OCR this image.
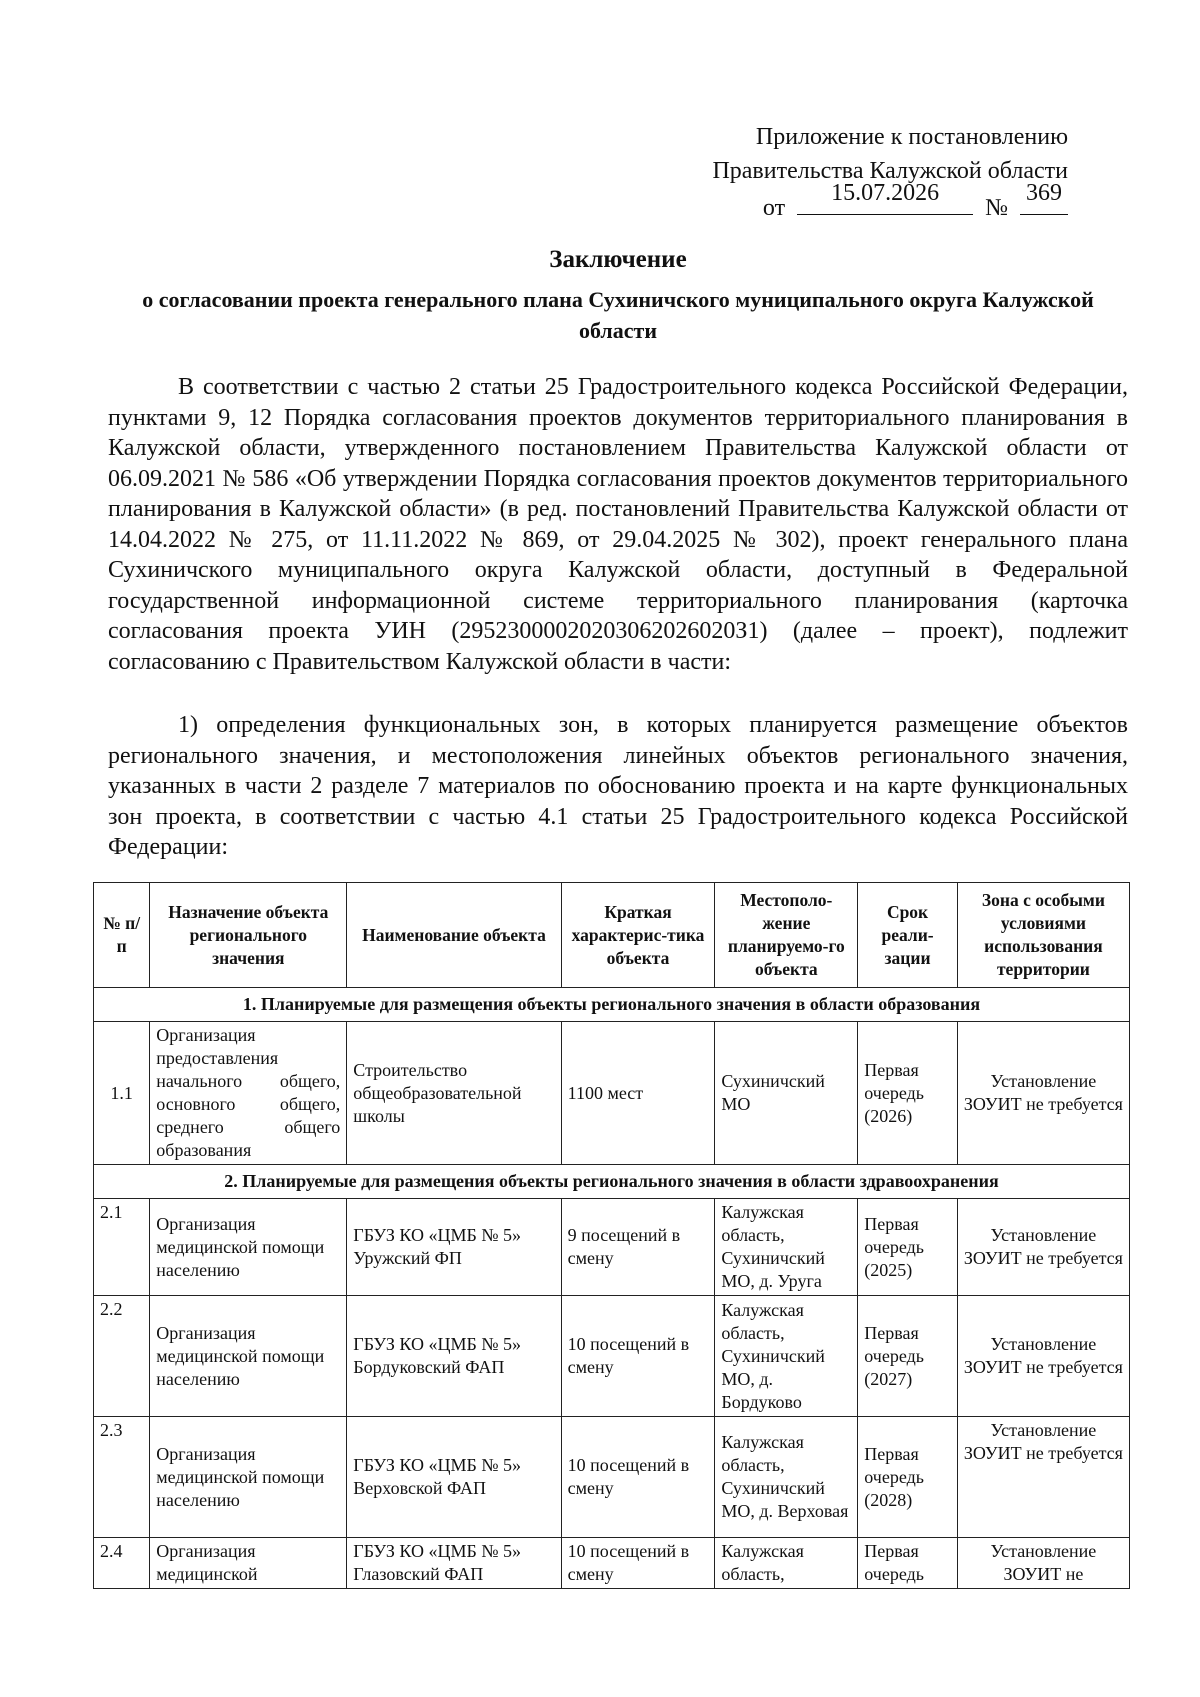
Приложение к постановлению
Правительства Калужской области
от
15.07.2026
№
369
Заключение
о согласовании проекта генерального плана Сухиничского муниципального округа Калужской области
В соответствии с частью 2 статьи 25 Градостроительного кодекса Российской Федерации, пунктами 9, 12 Порядка согласования проектов документов территориального планирования в Калужской области, утвержденного постановлением Правительства Калужской области от 06.09.2021 № 586 «Об утверждении Порядка согласования проектов документов территориального планирования в Калужской области» (в ред. постановлений Правительства Калужской области от 14.04.2022 № 275, от 11.11.2022 № 869, от 29.04.2025 № 302), проект генерального плана Сухиничского муниципального округа Калужской области, доступный в Федеральной государственной информационной системе территориального планирования (карточка согласования проекта УИН (29523000020203062026020З1) (далее – проект), подлежит согласованию с Правительством Калужской области в части:
1) определения функциональных зон, в которых планируется размещение объектов регионального значения, и местоположения линейных объектов регионального значения, указанных в части 2 разделе 7 материалов по обоснованию проекта и на карте функциональных зон проекта, в соответствии с частью 4.1 статьи 25 Градостроительного кодекса Российской Федерации:
№ п/п	Назначение объекта регионального значения	Наименование объекта	Краткая характерис-тика объекта	Местополо-жение планируемо-го объекта	Срок реали-зации	Зона с особыми условиями использования территории
1. Планируемые для размещения объекты регионального значения в области образования						
1.1	Организация предоставления начального общего, основного общего, среднего общего образования	Строительство общеобразовательной школы	1100 мест	Сухиничский МО	Первая очередь (2026)	Установление ЗОУИТ не требуется
2. Планируемые для размещения объекты регионального значения в области здравоохранения						
2.1	Организация медицинской помощи населению	ГБУЗ КО «ЦМБ № 5» Уружский ФП	9 посещений в смену	Калужская область, Сухиничский МО, д. Уруга	Первая очередь (2025)	Установление ЗОУИТ не требуется
2.2	Организация медицинской помощи населению	ГБУЗ КО «ЦМБ № 5» Бордуковский ФАП	10 посещений в смену	Калужская область, Сухиничский МО, д. Бордуково	Первая очередь (2027)	Установление ЗОУИТ не требуется
2.3	Организация медицинской помощи населению	ГБУЗ КО «ЦМБ № 5» Верховской ФАП	10 посещений в смену	Калужская область, Сухиничский МО, д. Верховая	Первая очередь (2028)	Установление ЗОУИТ не требуется
2.4	Организация медицинской	ГБУЗ КО «ЦМБ № 5» Глазовский ФАП	10 посещений в смену	Калужская область,	Первая очередь	Установление ЗОУИТ не
